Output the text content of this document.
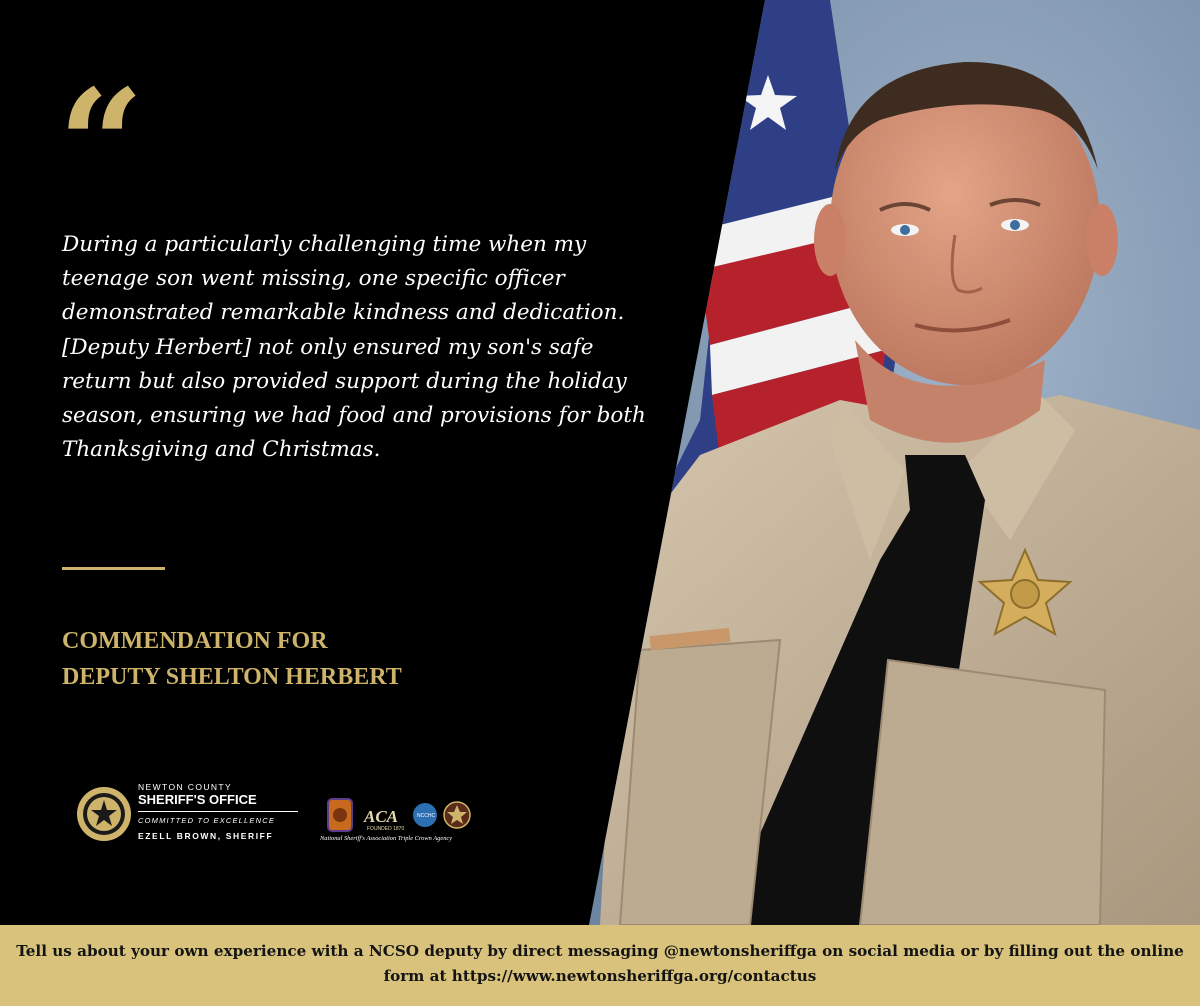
“

During a particularly challenging time when my teenage son went missing, one specific officer demonstrated remarkable kindness and dedication. [Deputy Herbert] not only ensured my son's safe return but also provided support during the holiday season, ensuring we had food and provisions for both Thanksgiving and Christmas.

COMMENDATION FOR
DEPUTY SHELTON HERBERT
NEWTON COUNTY
SHERIFF'S OFFICE
COMMITTED TO EXCELLENCE
EZELL BROWN, SHERIFF
ACA
FOUNDED 1870
NCCHC
National Sheriff's Association Triple Crown Agency

Tell us about your own experience with a NCSO deputy by direct messaging @newtonsheriffga on social media or by filling out the online form at https://www.newtonsheriffga.org/contactus
